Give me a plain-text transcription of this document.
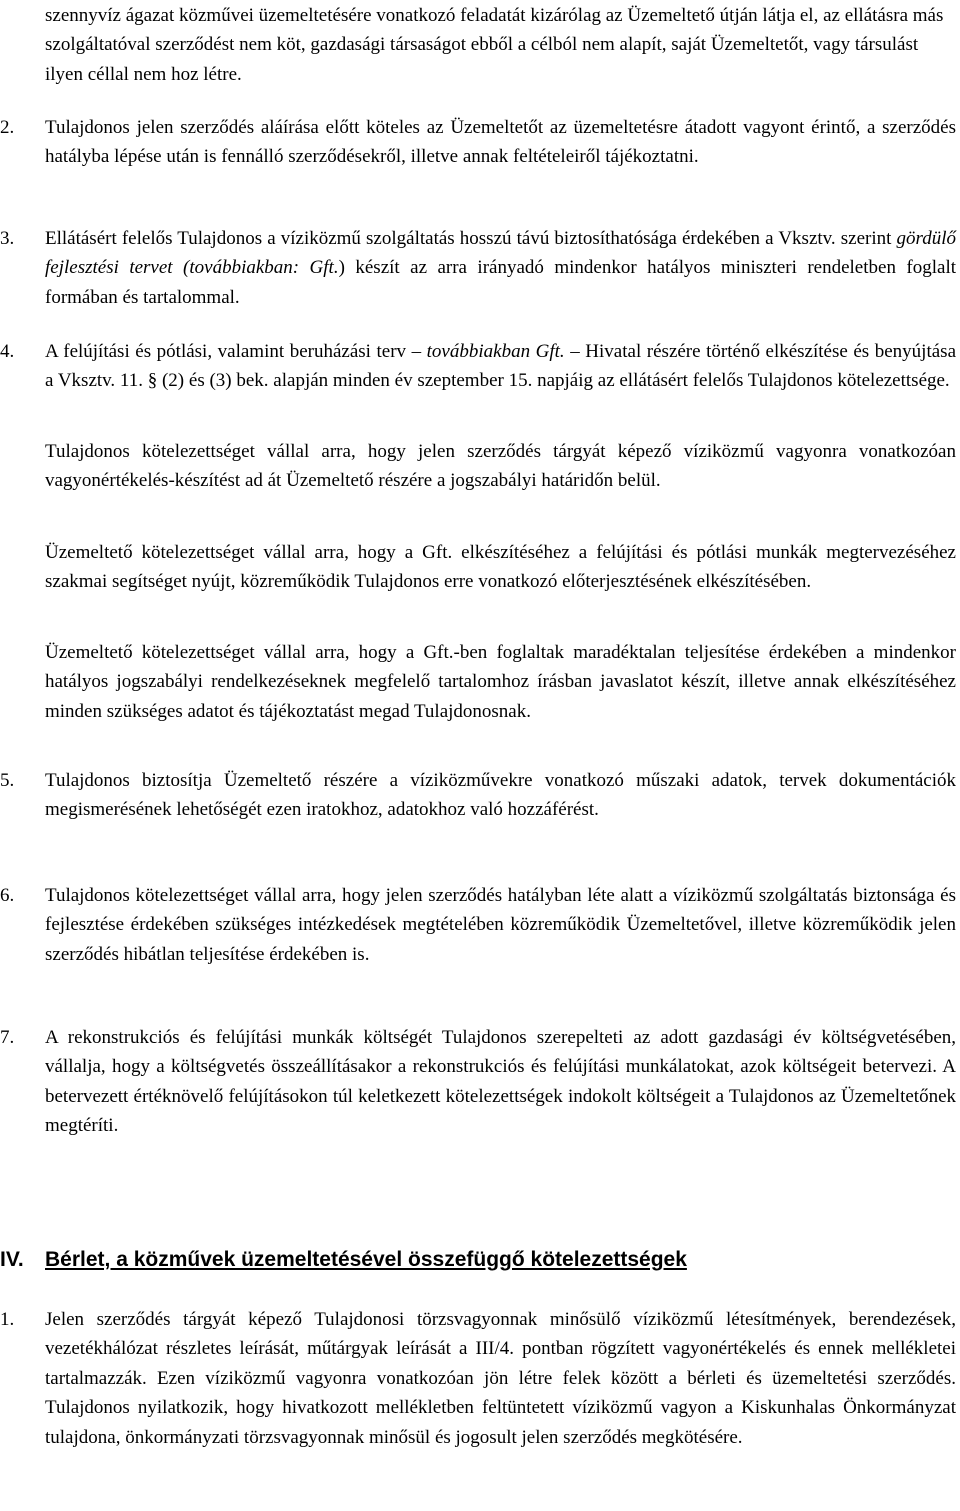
szennyvíz ágazat közművei üzemeltetésére vonatkozó feladatát kizárólag az Üzemeltető útján látja el, az ellátásra más szolgáltatóval szerződést nem köt, gazdasági társaságot ebből a célból nem alapít, saját Üzemeltetőt, vagy társulást ilyen céllal nem hoz létre.

2.	Tulajdonos jelen szerződés aláírása előtt köteles az Üzemeltetőt az üzemeltetésre átadott vagyont érintő, a szerződés hatályba lépése után is fennálló szerződésekről, illetve annak feltételeiről tájékoztatni.

3.	Ellátásért felelős Tulajdonos a víziközmű szolgáltatás hosszú távú biztosíthatósága érdekében a Vksztv. szerint gördülő fejlesztési tervet (továbbiakban: Gft.) készít az arra irányadó mindenkor hatályos miniszteri rendeletben foglalt formában és tartalommal.

4.	A felújítási és pótlási, valamint beruházási terv – továbbiakban Gft. – Hivatal részére történő elkészítése és benyújtása a Vksztv. 11. § (2) és (3) bek. alapján minden év szeptember 15. napjáig az ellátásért felelős Tulajdonos kötelezettsége.

Tulajdonos kötelezettséget vállal arra, hogy jelen szerződés tárgyát képező víziközmű vagyonra vonatkozóan vagyonértékelés-készítést ad át Üzemeltető részére a jogszabályi határidőn belül.

Üzemeltető kötelezettséget vállal arra, hogy a Gft. elkészítéséhez a felújítási és pótlási munkák megtervezéséhez szakmai segítséget nyújt, közreműködik Tulajdonos erre vonatkozó előterjesztésének elkészítésében.

Üzemeltető kötelezettséget vállal arra, hogy a Gft.-ben foglaltak maradéktalan teljesítése érdekében a mindenkor hatályos jogszabályi rendelkezéseknek megfelelő tartalomhoz írásban javaslatot készít, illetve annak elkészítéséhez minden szükséges adatot és tájékoztatást megad Tulajdonosnak.

5.	Tulajdonos biztosítja Üzemeltető részére a víziközművekre vonatkozó műszaki adatok, tervek dokumentációk megismerésének lehetőségét ezen iratokhoz, adatokhoz való hozzáférést.

6.	Tulajdonos kötelezettséget vállal arra, hogy jelen szerződés hatályban léte alatt a víziközmű szolgáltatás biztonsága és fejlesztése érdekében szükséges intézkedések megtételében közreműködik Üzemeltetővel, illetve közreműködik jelen szerződés hibátlan teljesítése érdekében is.

7.	A rekonstrukciós és felújítási munkák költségét Tulajdonos szerepelteti az adott gazdasági év költségvetésében, vállalja, hogy a költségvetés összeállításakor a rekonstrukciós és felújítási munkálatokat, azok költségeit betervezi. A betervezett értéknövelő felújításokon túl keletkezett kötelezettségek indokolt költségeit a Tulajdonos az Üzemeltetőnek megtéríti.

IV. Bérlet, a közművek üzemeltetésével összefüggő kötelezettségek
1.	Jelen szerződés tárgyát képező Tulajdonosi törzsvagyonnak minősülő víziközmű létesítmények, berendezések, vezetékhálózat részletes leírását, műtárgyak leírását a III/4. pontban rögzített vagyonértékelés és ennek mellékletei tartalmazzák. Ezen víziközmű vagyonra vonatkozóan jön létre felek között a bérleti és üzemeltetési szerződés. Tulajdonos nyilatkozik, hogy hivatkozott mellékletben feltüntetett víziközmű vagyon a Kiskunhalas Önkormányzat tulajdona, önkormányzati törzsvagyonnak minősül és jogosult jelen szerződés megkötésére.
